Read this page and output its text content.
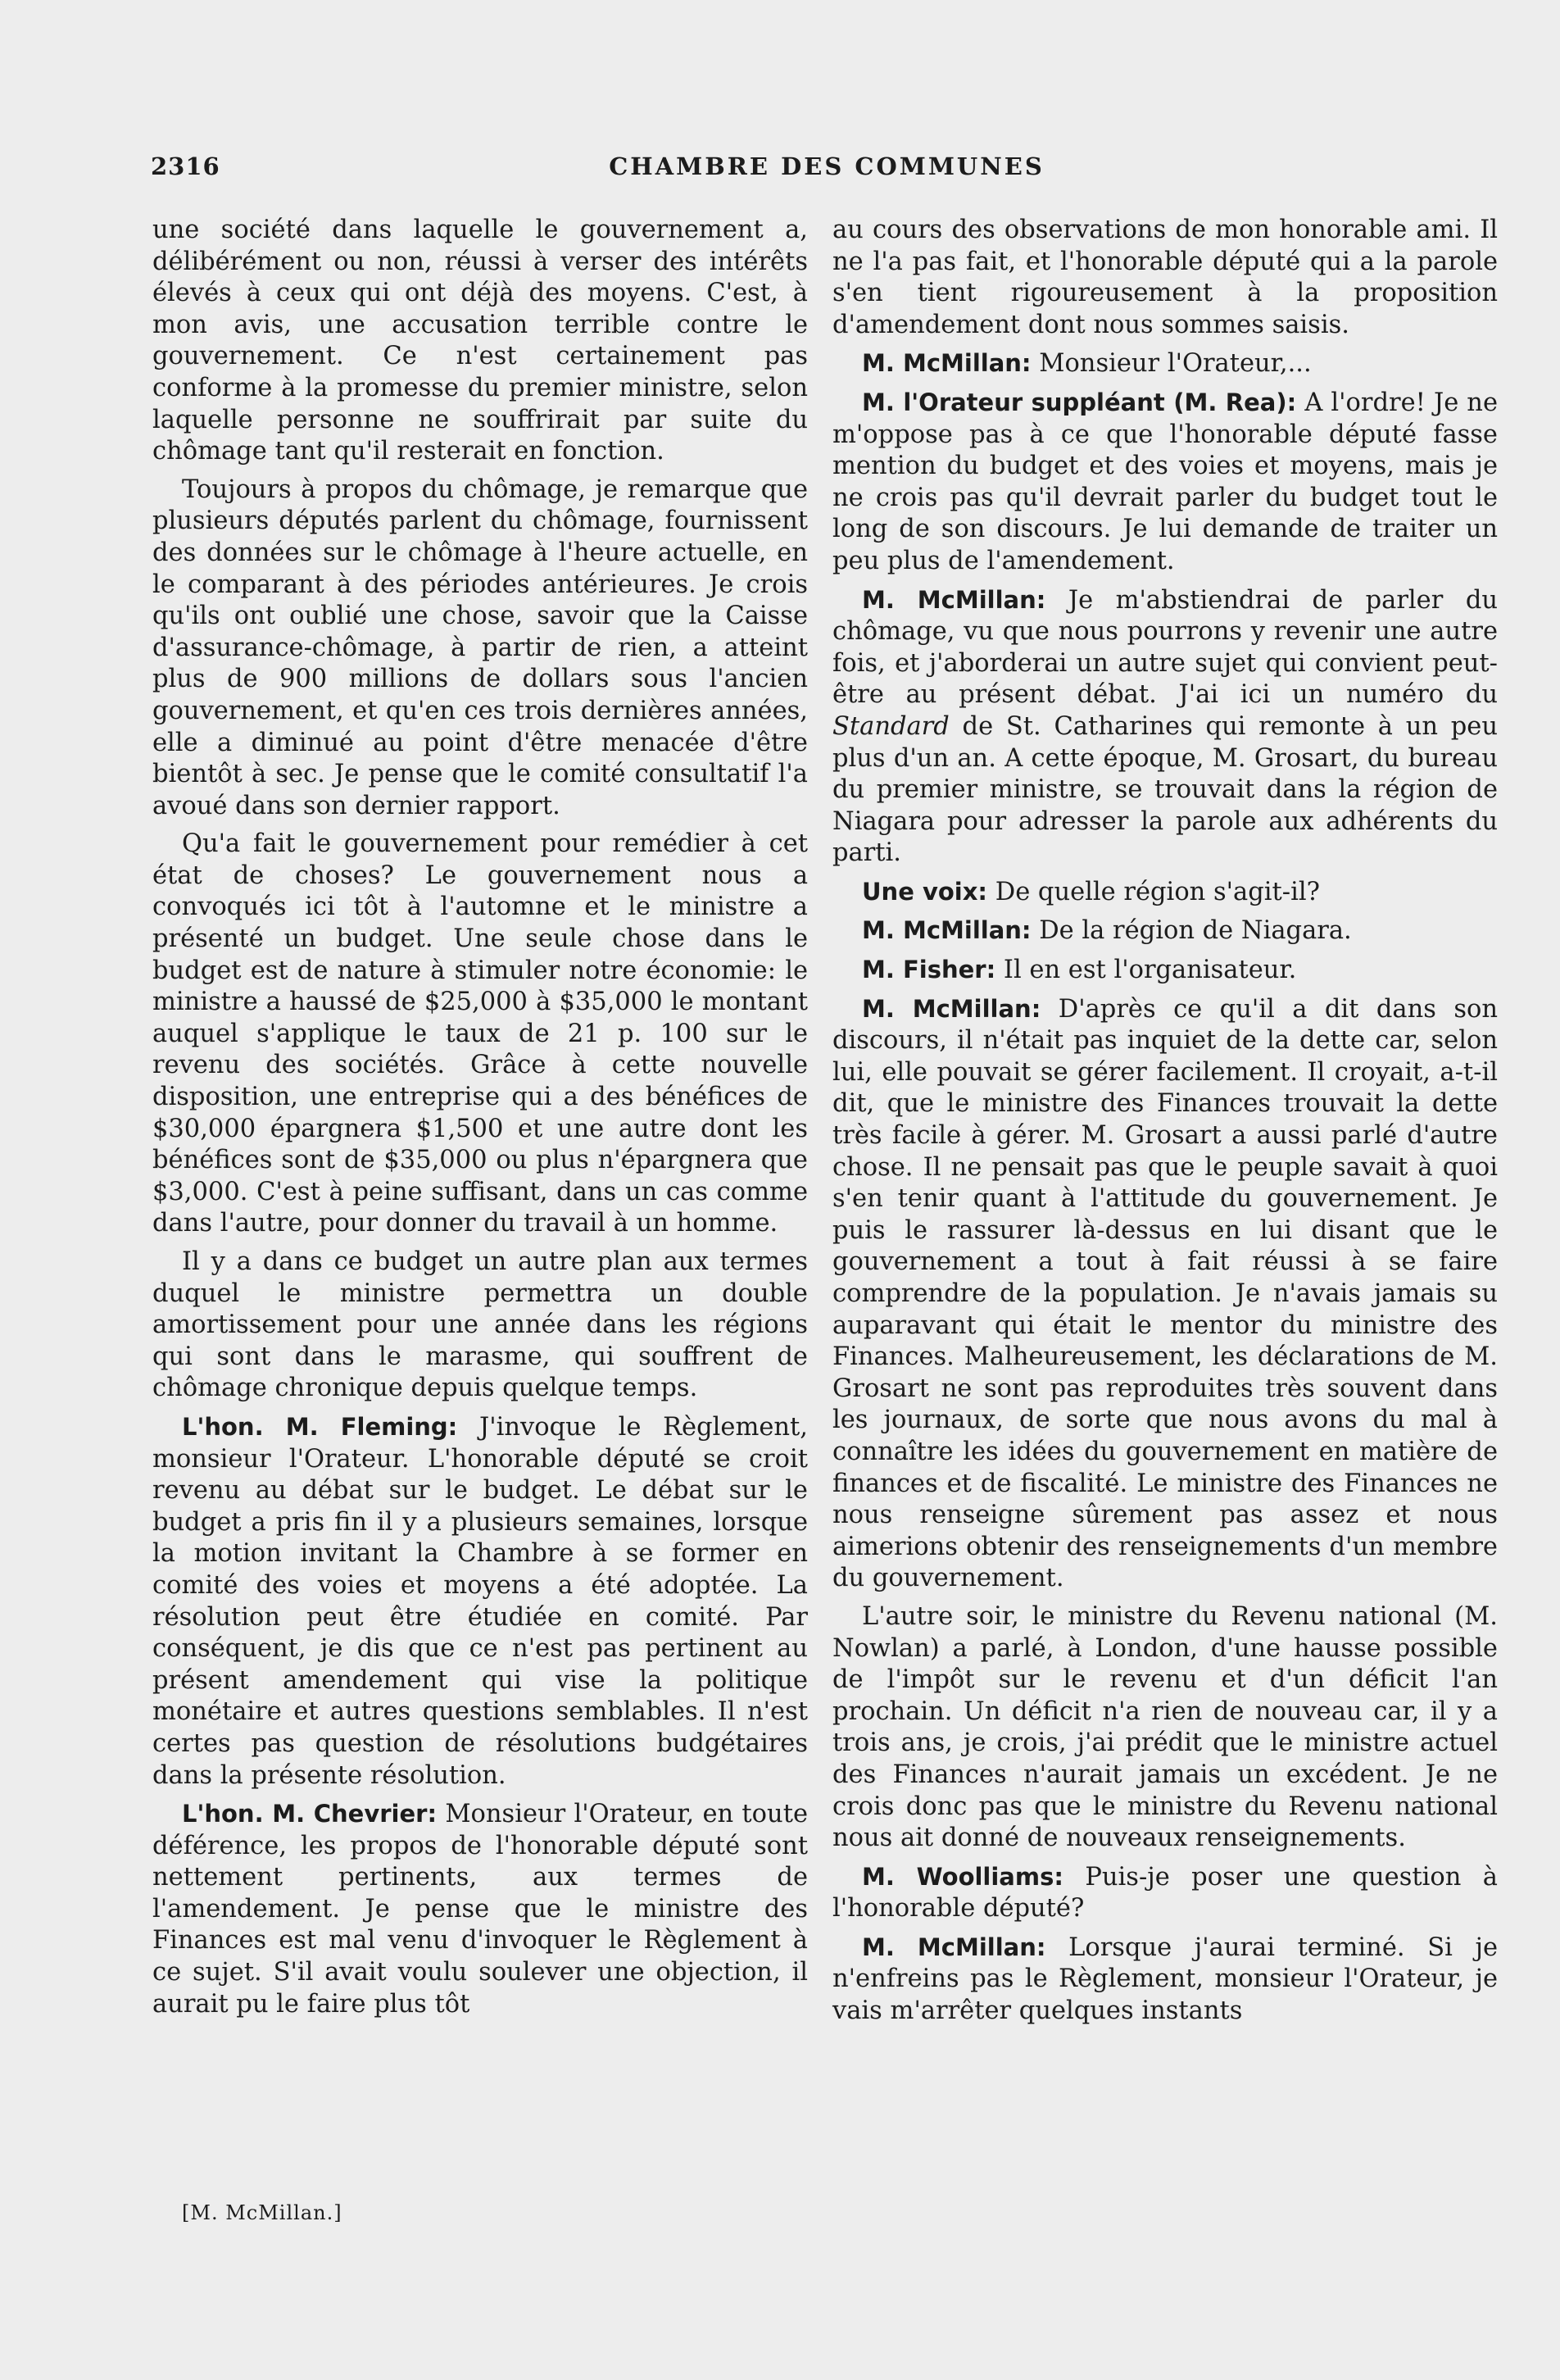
2316	CHAMBRE DES COMMUNES

une société dans laquelle le gouvernement a, délibérément ou non, réussi à verser des intérêts élevés à ceux qui ont déjà des moyens. C'est, à mon avis, une accusation terrible contre le gouvernement. Ce n'est certainement pas conforme à la promesse du premier ministre, selon laquelle personne ne souffrirait par suite du chômage tant qu'il resterait en fonction.

Toujours à propos du chômage, je remarque que plusieurs députés parlent du chômage, fournissent des données sur le chômage à l'heure actuelle, en le comparant à des périodes antérieures. Je crois qu'ils ont oublié une chose, savoir que la Caisse d'assurance-chômage, à partir de rien, a atteint plus de 900 millions de dollars sous l'ancien gouvernement, et qu'en ces trois dernières années, elle a diminué au point d'être menacée d'être bientôt à sec. Je pense que le comité consultatif l'a avoué dans son dernier rapport.

Qu'a fait le gouvernement pour remédier à cet état de choses? Le gouvernement nous a convoqués ici tôt à l'automne et le ministre a présenté un budget. Une seule chose dans le budget est de nature à stimuler notre économie: le ministre a haussé de $25,000 à $35,000 le montant auquel s'applique le taux de 21 p. 100 sur le revenu des sociétés. Grâce à cette nouvelle disposition, une entreprise qui a des bénéfices de $30,000 épargnera $1,500 et une autre dont les bénéfices sont de $35,000 ou plus n'épargnera que $3,000. C'est à peine suffisant, dans un cas comme dans l'autre, pour donner du travail à un homme.

Il y a dans ce budget un autre plan aux termes duquel le ministre permettra un double amortissement pour une année dans les régions qui sont dans le marasme, qui souffrent de chômage chronique depuis quelque temps.

L'hon. M. Fleming: J'invoque le Règlement, monsieur l'Orateur. L'honorable député se croit revenu au débat sur le budget. Le débat sur le budget a pris fin il y a plusieurs semaines, lorsque la motion invitant la Chambre à se former en comité des voies et moyens a été adoptée. La résolution peut être étudiée en comité. Par conséquent, je dis que ce n'est pas pertinent au présent amendement qui vise la politique monétaire et autres questions semblables. Il n'est certes pas question de résolutions budgétaires dans la présente résolution.

L'hon. M. Chevrier: Monsieur l'Orateur, en toute déférence, les propos de l'honorable député sont nettement pertinents, aux termes de l'amendement. Je pense que le ministre des Finances est mal venu d'invoquer le Règlement à ce sujet. S'il avait voulu soulever une objection, il aurait pu le faire plus tôt

au cours des observations de mon honorable ami. Il ne l'a pas fait, et l'honorable député qui a la parole s'en tient rigoureusement à la proposition d'amendement dont nous sommes saisis.

M. McMillan: Monsieur l'Orateur,...

M. l'Orateur suppléant (M. Rea): A l'ordre! Je ne m'oppose pas à ce que l'honorable député fasse mention du budget et des voies et moyens, mais je ne crois pas qu'il devrait parler du budget tout le long de son discours. Je lui demande de traiter un peu plus de l'amendement.

M. McMillan: Je m'abstiendrai de parler du chômage, vu que nous pourrons y revenir une autre fois, et j'aborderai un autre sujet qui convient peut-être au présent débat. J'ai ici un numéro du Standard de St. Catharines qui remonte à un peu plus d'un an. A cette époque, M. Grosart, du bureau du premier ministre, se trouvait dans la région de Niagara pour adresser la parole aux adhérents du parti.

Une voix: De quelle région s'agit-il?

M. McMillan: De la région de Niagara.

M. Fisher: Il en est l'organisateur.

M. McMillan: D'après ce qu'il a dit dans son discours, il n'était pas inquiet de la dette car, selon lui, elle pouvait se gérer facilement. Il croyait, a-t-il dit, que le ministre des Finances trouvait la dette très facile à gérer. M. Grosart a aussi parlé d'autre chose. Il ne pensait pas que le peuple savait à quoi s'en tenir quant à l'attitude du gouvernement. Je puis le rassurer là-dessus en lui disant que le gouvernement a tout à fait réussi à se faire comprendre de la population. Je n'avais jamais su auparavant qui était le mentor du ministre des Finances. Malheureusement, les déclarations de M. Grosart ne sont pas reproduites très souvent dans les journaux, de sorte que nous avons du mal à connaître les idées du gouvernement en matière de finances et de fiscalité. Le ministre des Finances ne nous renseigne sûrement pas assez et nous aimerions obtenir des renseignements d'un membre du gouvernement.

L'autre soir, le ministre du Revenu national (M. Nowlan) a parlé, à London, d'une hausse possible de l'impôt sur le revenu et d'un déficit l'an prochain. Un déficit n'a rien de nouveau car, il y a trois ans, je crois, j'ai prédit que le ministre actuel des Finances n'aurait jamais un excédent. Je ne crois donc pas que le ministre du Revenu national nous ait donné de nouveaux renseignements.

M. Woolliams: Puis-je poser une question à l'honorable député?

M. McMillan: Lorsque j'aurai terminé. Si je n'enfreins pas le Règlement, monsieur l'Orateur, je vais m'arrêter quelques instants

[M. McMillan.]
